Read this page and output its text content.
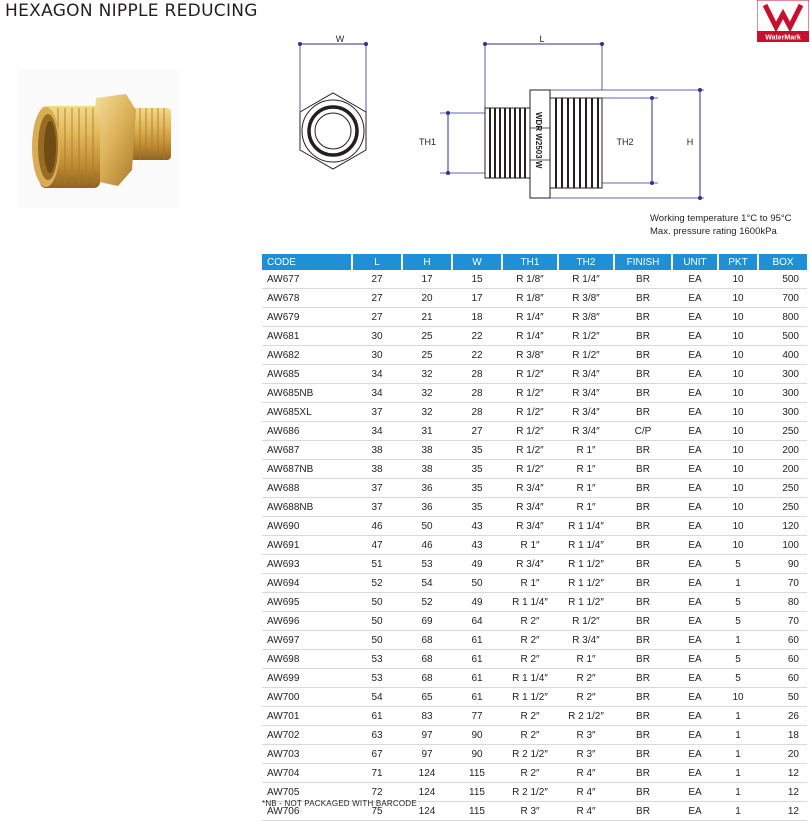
HEXAGON NIPPLE REDUCING
WaterMark
W	L
TH1	WDR W2503 W	TH2	H
Working temperature 1°C to 95°C
Max. pressure rating 1600kPa
CODE	L	H	W	TH1	TH2	FINISH	UNIT	PKT	BOX
AW677	27	17	15	R 1/8″	R 1/4″	BR	EA	10	500
AW678	27	20	17	R 1/8″	R 3/8″	BR	EA	10	700
AW679	27	21	18	R 1/4″	R 3/8″	BR	EA	10	800
AW681	30	25	22	R 1/4″	R 1/2″	BR	EA	10	500
AW682	30	25	22	R 3/8″	R 1/2″	BR	EA	10	400
AW685	34	32	28	R 1/2″	R 3/4″	BR	EA	10	300
AW685NB	34	32	28	R 1/2″	R 3/4″	BR	EA	10	300
AW685XL	37	32	28	R 1/2″	R 3/4″	BR	EA	10	300
AW686	34	31	27	R 1/2″	R 3/4″	C/P	EA	10	250
AW687	38	38	35	R 1/2″	R 1″	BR	EA	10	200
AW687NB	38	38	35	R 1/2″	R 1″	BR	EA	10	200
AW688	37	36	35	R 3/4″	R 1″	BR	EA	10	250
AW688NB	37	36	35	R 3/4″	R 1″	BR	EA	10	250
AW690	46	50	43	R 3/4″	R 1 1/4″	BR	EA	10	120
AW691	47	46	43	R 1″	R 1 1/4″	BR	EA	10	100
AW693	51	53	49	R 3/4″	R 1 1/2″	BR	EA	5	90
AW694	52	54	50	R 1″	R 1 1/2″	BR	EA	1	70
AW695	50	52	49	R 1 1/4″	R 1 1/2″	BR	EA	5	80
AW696	50	69	64	R 2″	R 1/2″	BR	EA	5	70
AW697	50	68	61	R 2″	R 3/4″	BR	EA	1	60
AW698	53	68	61	R 2″	R 1″	BR	EA	5	60
AW699	53	68	61	R 1 1/4″	R 2″	BR	EA	5	60
AW700	54	65	61	R 1 1/2″	R 2″	BR	EA	10	50
AW701	61	83	77	R 2″	R 2 1/2″	BR	EA	1	26
AW702	63	97	90	R 2″	R 3″	BR	EA	1	18
AW703	67	97	90	R 2 1/2″	R 3″	BR	EA	1	20
AW704	71	124	115	R 2″	R 4″	BR	EA	1	12
AW705	72	124	115	R 2 1/2″	R 4″	BR	EA	1	12
AW706	75	124	115	R 3″	R 4″	BR	EA	1	12
*NB - NOT PACKAGED WITH BARCODE
